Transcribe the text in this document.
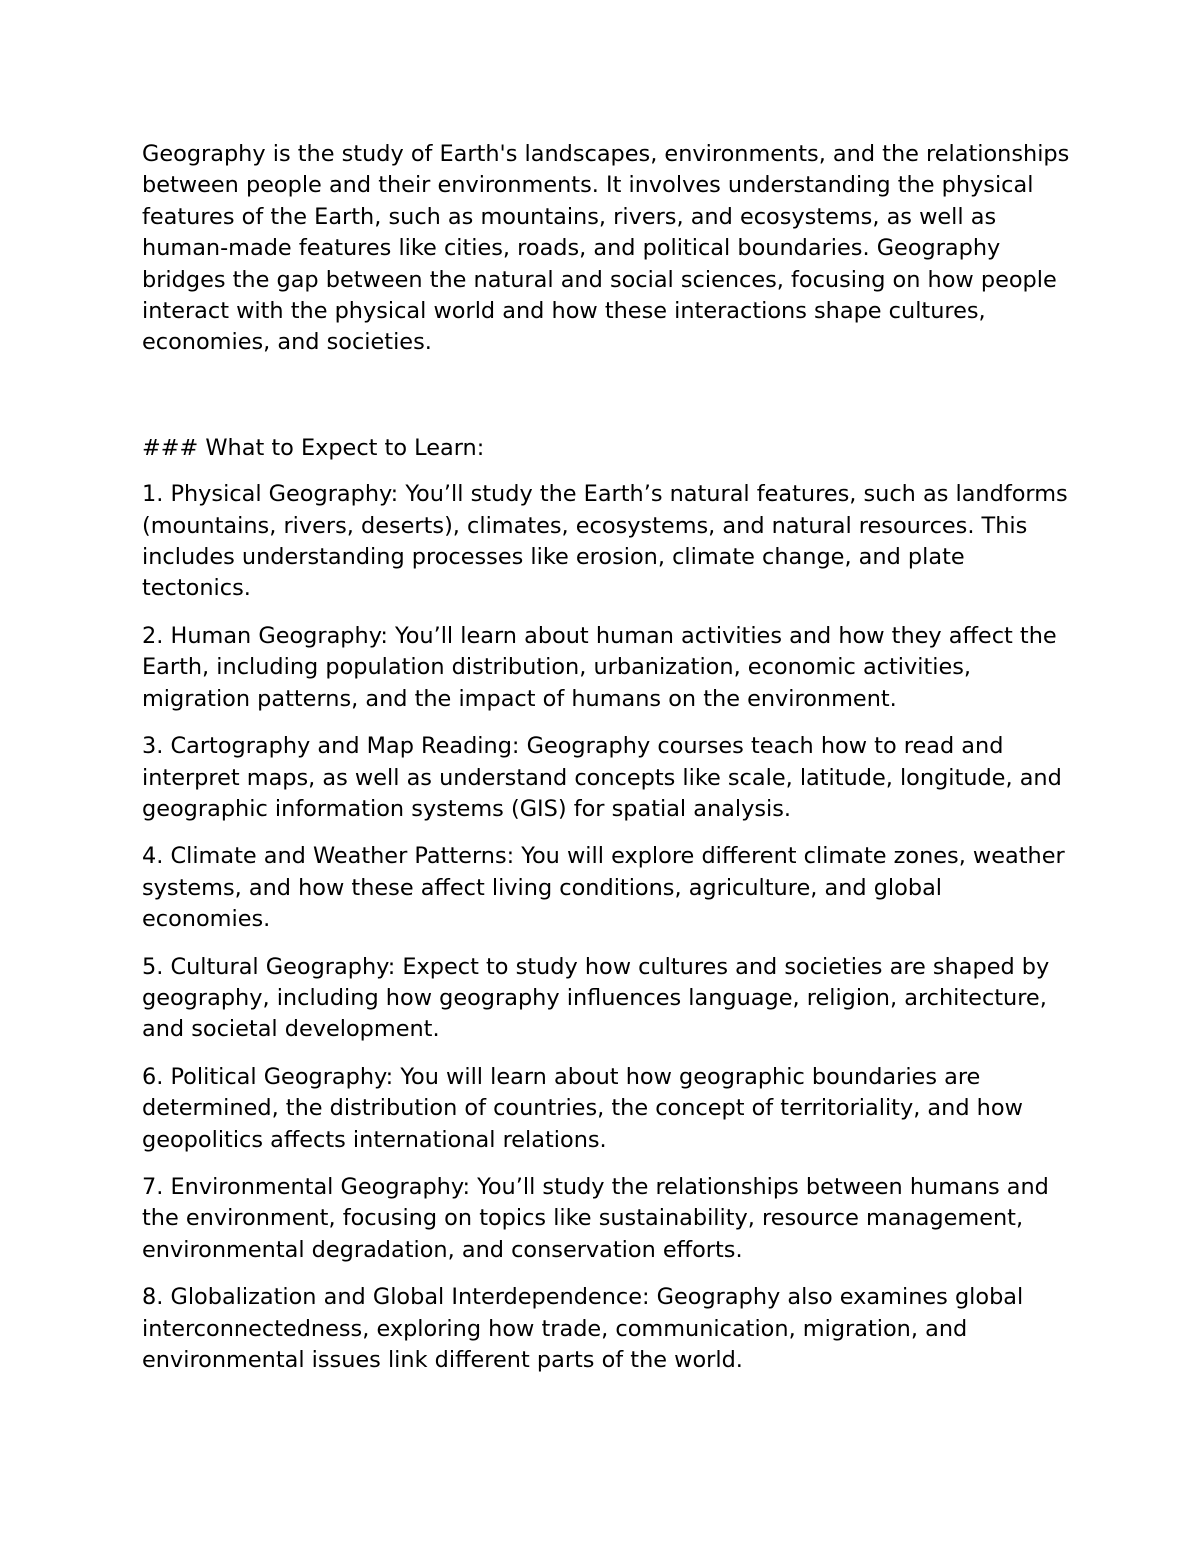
Geography is the study of Earth's landscapes, environments, and the relationships between people and their environments. It involves understanding the physical features of the Earth, such as mountains, rivers, and ecosystems, as well as human-made features like cities, roads, and political boundaries. Geography bridges the gap between the natural and social sciences, focusing on how people interact with the physical world and how these interactions shape cultures, economies, and societies.

### What to Expect to Learn:

1. Physical Geography: You’ll study the Earth’s natural features, such as landforms (mountains, rivers, deserts), climates, ecosystems, and natural resources. This includes understanding processes like erosion, climate change, and plate tectonics.

2. Human Geography: You’ll learn about human activities and how they affect the Earth, including population distribution, urbanization, economic activities, migration patterns, and the impact of humans on the environment.

3. Cartography and Map Reading: Geography courses teach how to read and interpret maps, as well as understand concepts like scale, latitude, longitude, and geographic information systems (GIS) for spatial analysis.

4. Climate and Weather Patterns: You will explore different climate zones, weather systems, and how these affect living conditions, agriculture, and global economies.

5. Cultural Geography: Expect to study how cultures and societies are shaped by geography, including how geography influences language, religion, architecture, and societal development.

6. Political Geography: You will learn about how geographic boundaries are determined, the distribution of countries, the concept of territoriality, and how geopolitics affects international relations.

7. Environmental Geography: You’ll study the relationships between humans and the environment, focusing on topics like sustainability, resource management, environmental degradation, and conservation efforts.

8. Globalization and Global Interdependence: Geography also examines global interconnectedness, exploring how trade, communication, migration, and environmental issues link different parts of the world.
